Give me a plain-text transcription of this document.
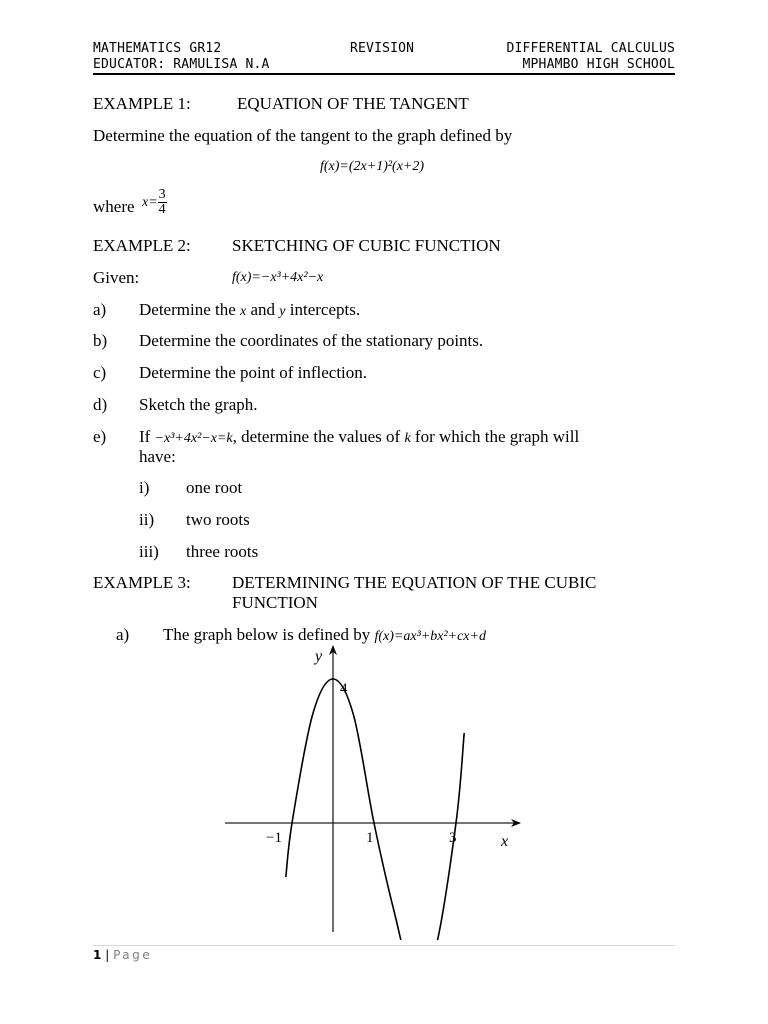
MATHEMATICS GR12	REVISION	DIFFERENTIAL CALCULUS
EDUCATOR: RAMULISA N.A	MPHAMBO HIGH SCHOOL
EXAMPLE 1:	EQUATION OF THE TANGENT
Determine the equation of the tangent to the graph defined by
f(x)=(2x+1)²(x+2)
where $x= \frac{3}{4}$
EXAMPLE 2: SKETCHING OF CUBIC FUNCTION
Given:	f(x)=−x³+4x²−x
a) Determine the x and y intercepts.
b) Determine the coordinates of the stationary points.
c) Determine the point of inflection.
d) Sketch the graph.
e) If −x³+4x²−x=k, determine the values of k for which the graph will
have:
i) one root
ii) two roots
iii) three roots
EXAMPLE 3: DETERMINING THE EQUATION OF THE CUBIC
FUNCTION
a) The graph below is defined by f(x)=ax³+bx²+cx+d
y
x
4
−1	1	3
1 | Page
